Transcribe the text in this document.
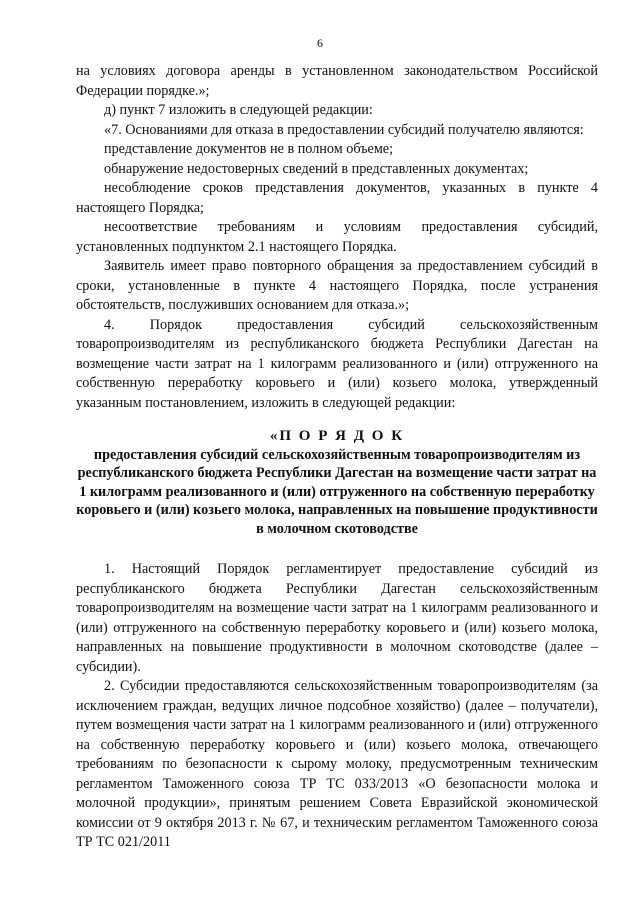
6

на условиях договора аренды в установленном законодательством Российской Федерации порядке.»;

д) пункт 7 изложить в следующей редакции:

«7. Основаниями для отказа в предоставлении субсидий получателю являются:

представление документов не в полном объеме;

обнаружение недостоверных сведений в представленных документах;

несоблюдение сроков представления документов, указанных в пункте 4 настоящего Порядка;

несоответствие требованиям и условиям предоставления субсидий, установленных подпунктом 2.1 настоящего Порядка.

Заявитель имеет право повторного обращения за предоставлением субсидий в сроки, установленные в пункте 4 настоящего Порядка, после устранения обстоятельств, послуживших основанием для отказа.»;

4. Порядок предоставления субсидий сельскохозяйственным товаропроизводителям из республиканского бюджета Республики Дагестан на возмещение части затрат на 1 килограмм реализованного и (или) отгруженного на собственную переработку коровьего и (или) козьего молока, утвержденный указанным постановлением, изложить в следующей редакции:

«П О Р Я Д О К
предоставления субсидий сельскохозяйственным товаропроизводителям из республиканского бюджета Республики Дагестан на возмещение части затрат на 1 килограмм реализованного и (или) отгруженного на собственную переработку коровьего и (или) козьего молока, направленных на повышение продуктивности в молочном скотоводстве

1. Настоящий Порядок регламентирует предоставление субсидий из республиканского бюджета Республики Дагестан сельскохозяйственным товаропроизводителям на возмещение части затрат на 1 килограмм реализованного и (или) отгруженного на собственную переработку коровьего и (или) козьего молока, направленных на повышение продуктивности в молочном скотоводстве (далее – субсидии).

2. Субсидии предоставляются сельскохозяйственным товаропроизводителям (за исключением граждан, ведущих личное подсобное хозяйство) (далее – получатели), путем возмещения части затрат на 1 килограмм реализованного и (или) отгруженного на собственную переработку коровьего и (или) козьего молока, отвечающего требованиям по безопасности к сырому молоку, предусмотренным техническим регламентом Таможенного союза ТР ТС 033/2013 «О безопасности молока и молочной продукции», принятым решением Совета Евразийской экономической комиссии от 9 октября 2013 г. № 67, и техническим регламентом Таможенного союза ТР ТС 021/2011
